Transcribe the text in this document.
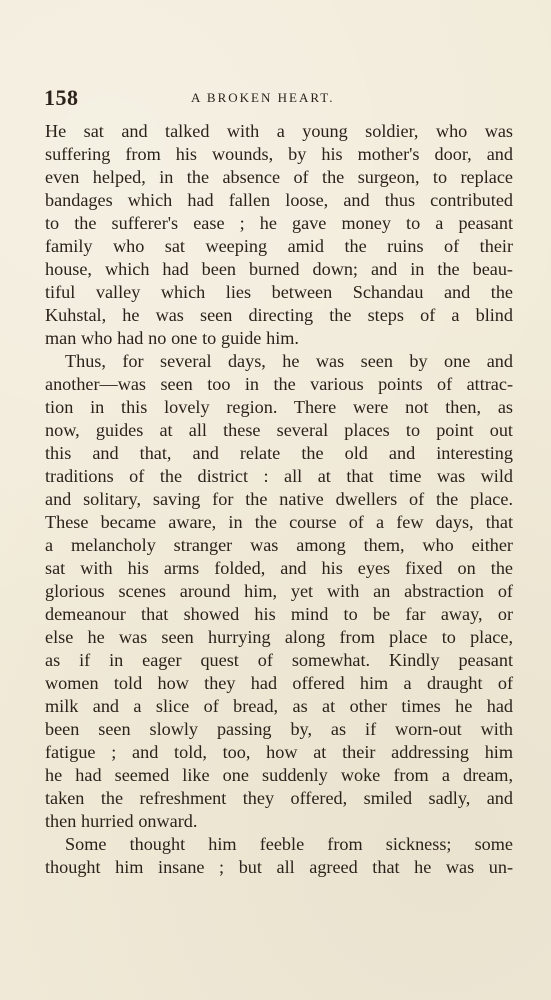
158	A BROKEN HEART.
He sat and talked with a young soldier, who was
suffering from his wounds, by his mother's door, and
even helped, in the absence of the surgeon, to replace
bandages which had fallen loose, and thus contributed
to the sufferer's ease ; he gave money to a peasant
family who sat weeping amid the ruins of their
house, which had been burned down; and in the beau-
tiful valley which lies between Schandau and the
Kuhstal, he was seen directing the steps of a blind
man who had no one to guide him.
Thus, for several days, he was seen by one and
another—was seen too in the various points of attrac-
tion in this lovely region. There were not then, as
now, guides at all these several places to point out
this and that, and relate the old and interesting
traditions of the district : all at that time was wild
and solitary, saving for the native dwellers of the place.
These became aware, in the course of a few days, that
a melancholy stranger was among them, who either
sat with his arms folded, and his eyes fixed on the
glorious scenes around him, yet with an abstraction of
demeanour that showed his mind to be far away, or
else he was seen hurrying along from place to place,
as if in eager quest of somewhat. Kindly peasant
women told how they had offered him a draught of
milk and a slice of bread, as at other times he had
been seen slowly passing by, as if worn-out with
fatigue ; and told, too, how at their addressing him
he had seemed like one suddenly woke from a dream,
taken the refreshment they offered, smiled sadly, and
then hurried onward.
Some thought him feeble from sickness; some
thought him insane ; but all agreed that he was un-
